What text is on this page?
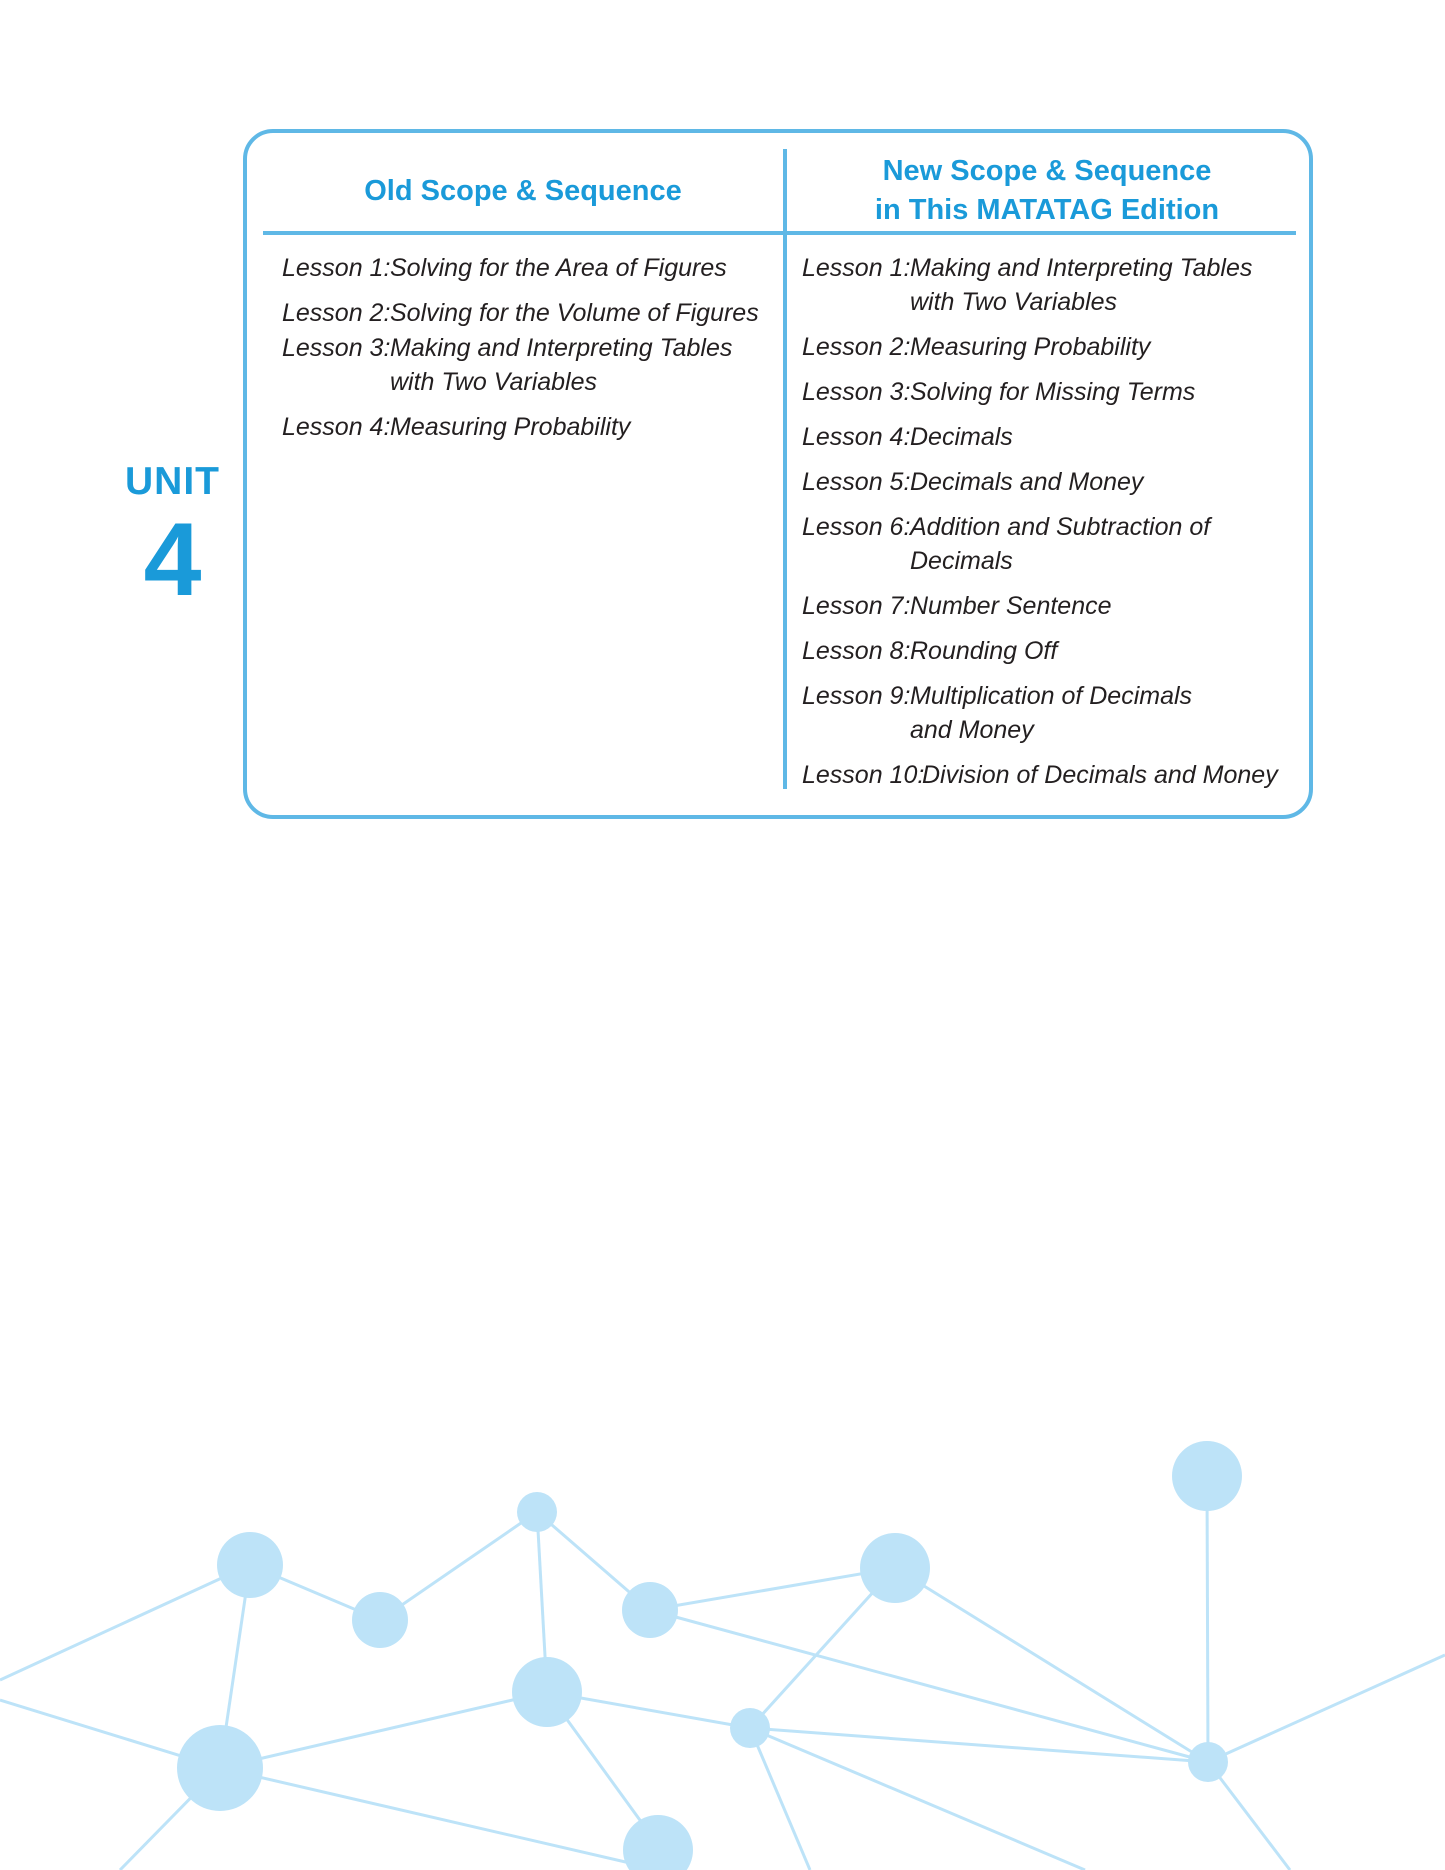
UNIT
4
Old Scope & Sequence
New Scope & Sequence
in This MATATAG Edition
Lesson 1: Solving for the Area of Figures
Lesson 2: Solving for the Volume of Figures
Lesson 3: Making and Interpreting Tables with Two Variables
Lesson 4: Measuring Probability
Lesson 1: Making and Interpreting Tables with Two Variables
Lesson 2: Measuring Probability
Lesson 3: Solving for Missing Terms
Lesson 4: Decimals
Lesson 5: Decimals and Money
Lesson 6: Addition and Subtraction of Decimals
Lesson 7: Number Sentence
Lesson 8: Rounding Off
Lesson 9: Multiplication of Decimals and Money
Lesson 10:
Division of Decimals and Money
